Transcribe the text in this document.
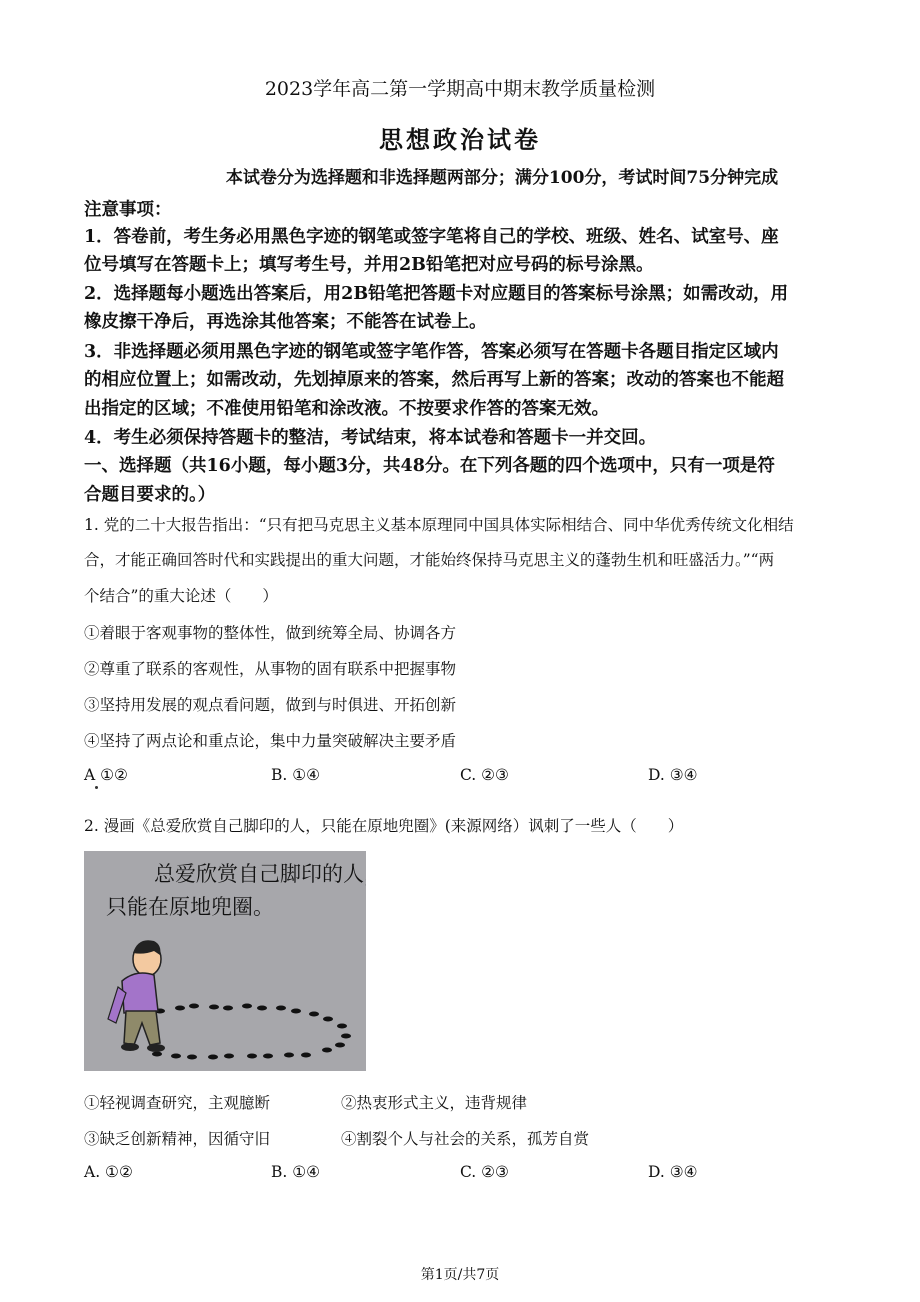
2023学年高二第一学期高中期末教学质量检测
思想政治试卷
本试卷分为选择题和非选择题两部分；满分100分，考试时间75分钟完成
注意事项：
1．答卷前，考生务必用黑色字迹的钢笔或签字笔将自己的学校、班级、姓名、试室号、座
位号填写在答题卡上；填写考生号，并用2B铅笔把对应号码的标号涂黑。
2．选择题每小题选出答案后，用2B铅笔把答题卡对应题目的答案标号涂黑；如需改动，用
橡皮擦干净后，再选涂其他答案；不能答在试卷上。
3．非选择题必须用黑色字迹的钢笔或签字笔作答，答案必须写在答题卡各题目指定区域内
的相应位置上；如需改动，先划掉原来的答案，然后再写上新的答案；改动的答案也不能超
出指定的区域；不准使用铅笔和涂改液。不按要求作答的答案无效。
4．考生必须保持答题卡的整洁，考试结束，将本试卷和答题卡一并交回。
一、选择题（共16小题，每小题3分，共48分。在下列各题的四个选项中，只有一项是符
合题目要求的。）
1. 党的二十大报告指出：“只有把马克思主义基本原理同中国具体实际相结合、同中华优秀传统文化相结
合，才能正确回答时代和实践提出的重大问题，才能始终保持马克思主义的蓬勃生机和旺盛活力。”“两
个结合”的重大论述（　　）
①着眼于客观事物的整体性，做到统筹全局、协调各方
②尊重了联系的客观性，从事物的固有联系中把握事物
③坚持用发展的观点看问题，做到与时俱进、开拓创新
④坚持了两点论和重点论，集中力量突破解决主要矛盾
A ①②	B. ①④	C. ②③	D. ③④
2. 漫画《总爱欣赏自己脚印的人，只能在原地兜圈》(来源网络）讽刺了一些人（　　）
总爱欣赏自己脚印的人，
只能在原地兜圈。
①轻视调查研究，主观臆断	②热衷形式主义，违背规律
③缺乏创新精神，因循守旧	④割裂个人与社会的关系，孤芳自赏
A. ①②	B. ①④	C. ②③	D. ③④
第1页/共7页
